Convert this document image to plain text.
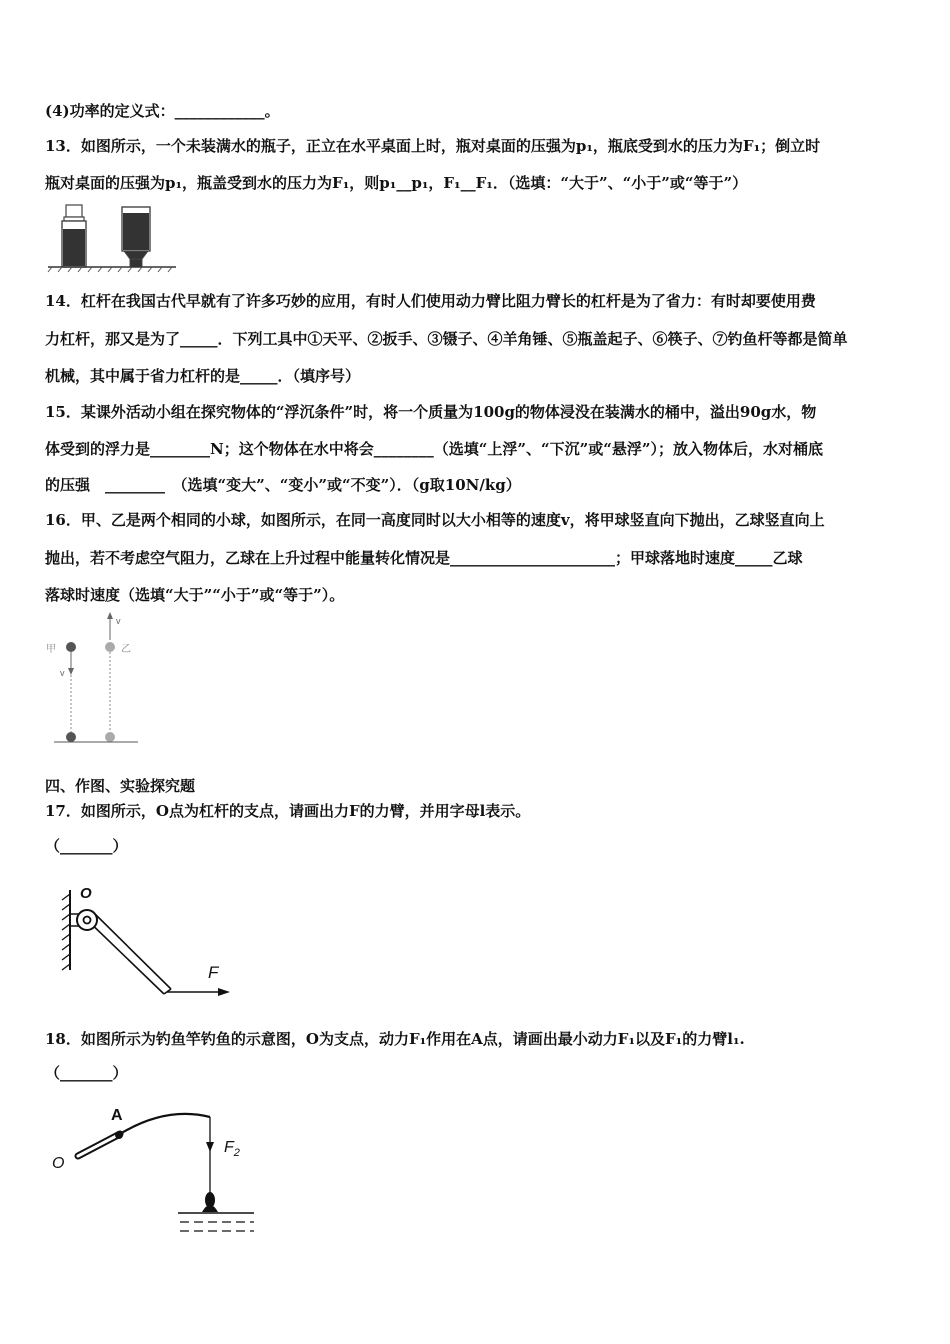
(4)功率的定义式：____________。
13．如图所示，一个未装满水的瓶子，正立在水平桌面上时，瓶对桌面的压强为p₁，瓶底受到水的压力为F₁；倒立时
瓶对桌面的压强为p₁，瓶盖受到水的压力为F₁，则p₁__p₁，F₁__F₁．（选填：“大于”、“小于”或“等于”）
14．杠杆在我国古代早就有了许多巧妙的应用，有时人们使用动力臂比阻力臂长的杠杆是为了省力：有时却要使用费
力杠杆，那又是为了_____．下列工具中①天平、②扳手、③镊子、④羊角锤、⑤瓶盖起子、⑥筷子、⑦钓鱼杆等都是简单
机械，其中属于省力杠杆的是_____．（填序号）
15．某课外活动小组在探究物体的“浮沉条件”时，将一个质量为100g的物体浸没在装满水的桶中，溢出90g水，物
体受到的浮力是________N；这个物体在水中将会________（选填“上浮”、“下沉”或“悬浮”）；放入物体后，水对桶底
的压强　________　（选填“变大”、“变小”或“不变”）．（g取10N/kg）
16．甲、乙是两个相同的小球，如图所示，在同一高度同时以大小相等的速度v，将甲球竖直向下抛出，乙球竖直向上
抛出，若不考虑空气阻力，乙球在上升过程中能量转化情况是______________________；甲球落地时速度_____乙球
落球时速度（选填“大于”“小于”或“等于”）。
甲
v
v
乙
四、作图、实验探究题
17．如图所示，O点为杠杆的支点，请画出力F的力臂，并用字母l表示。
（_______）
O
F
18．如图所示为钓鱼竿钓鱼的示意图，O为支点，动力F₁作用在A点，请画出最小动力F₁以及F₁的力臂l₁.
（_______）
A
O
$F_2$
